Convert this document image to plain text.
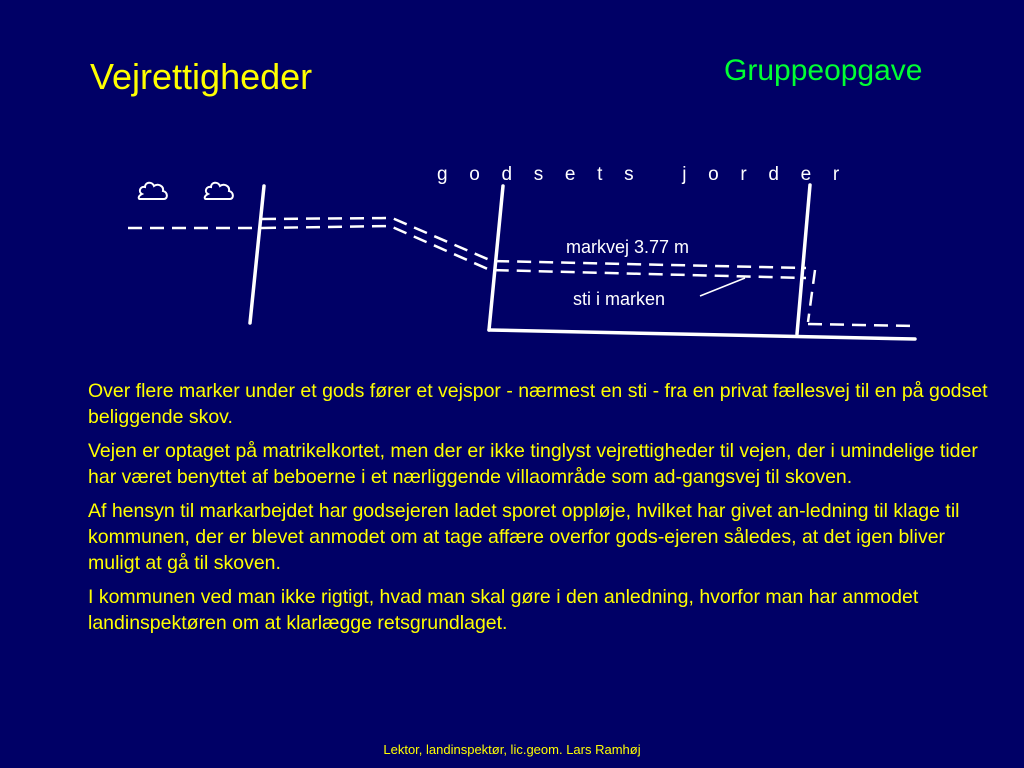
Vejrettigheder	Gruppeopgave
g o d s e t s   j o r d e r
markvej 3.77 m
sti i marken

Over flere marker under et gods fører et vejspor - nærmest en sti - fra en privat fællesvej til en på godset beliggende skov.

Vejen er optaget på matrikelkortet, men der er ikke tinglyst vejrettigheder til vejen, der i umindelige tider har været benyttet af beboerne i et nærliggende villaområde som ad-gangsvej til skoven.

Af hensyn til markarbejdet har godsejeren ladet sporet oppløje, hvilket har givet an-ledning til klage til kommunen, der er blevet anmodet om at tage affære overfor gods-ejeren således, at det igen bliver muligt at gå til skoven.

I kommunen ved man ikke rigtigt, hvad man skal gøre i den anledning, hvorfor man har anmodet landinspektøren om at klarlægge retsgrundlaget.

Lektor, landinspektør, lic.geom. Lars Ramhøj
